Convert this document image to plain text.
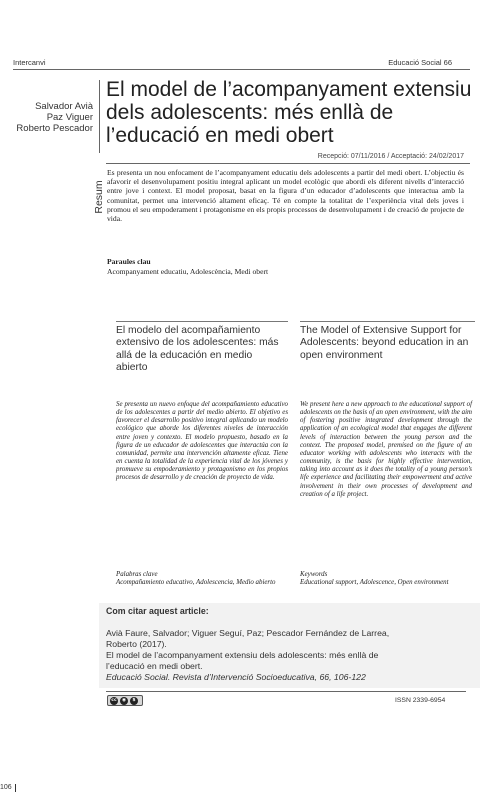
Intercanvi	Educació Social 66
Salvador Avià
Paz Viguer
Roberto Pescador
El model de l’acompanyament extensiu dels adolescents: més enllà de l’educació en medi obert
Recepció: 07/11/2016 / Acceptació: 24/02/2017
Resum
Es presenta un nou enfocament de l’acompanyament educatiu dels adolescents a partir del medi obert. L’objectiu és afavorir el desenvolupament positiu integral aplicant un model ecològic que abordi els diferent nivells d’interacció entre jove i context. El model proposat, basat en la figura d’un educador d’adolescents que interactua amb la comunitat, permet una intervenció altament eficaç. Té en compte la totalitat de l’experiència vital dels joves i promou el seu empoderament i protagonisme en els propis processos de desenvolupament i de creació de projecte de vida.
Paraules clau
Acompanyament educatiu, Adolescència, Medi obert
El modelo del acompañamiento extensivo de los adolescentes: más allá de la educación en medio abierto
Se presenta un nuevo enfoque del acompañamiento educativo de los adolescentes a partir del medio abierto. El objetivo es favorecer el desarrollo positivo integral aplicando un modelo ecológico que aborde los diferentes niveles de interacción entre joven y contexto. El modelo propuesto, basado en la figura de un educador de adolescentes que interactúa con la comunidad, permite una intervención altamente eficaz. Tiene en cuenta la totalidad de la experiencia vital de los jóvenes y promueve su empoderamiento y protagonismo en los propios procesos de desarrollo y de creación de proyecto de vida.
Palabras clave
Acompañamiento educativo, Adolescencia, Medio abierto
The Model of Extensive Support for Adolescents: beyond education in an open environment
We present here a new approach to the educational support of adolescents on the basis of an open environment, with the aim of fostering positive integrated development through the application of an ecological model that engages the different levels of interaction between the young person and the context. The proposed model, premised on the figure of an educator working with adolescents who interacts with the community, is the basis for highly effective intervention, taking into account as it does the totality of a young person’s life experience and facilitating their empowerment and active involvement in their own processes of development and creation of a life project.
Keywords
Educational support, Adolescence, Open environment
Com citar aquest article:
Avià Faure, Salvador; Viguer Seguí, Paz; Pescador Fernández de Larrea,
Roberto (2017).
El model de l’acompanyament extensiu dels adolescents: més enllà de
l’educació en medi obert.
Educació Social. Revista d’Intervenció Socioeducativa, 66, 106-122
cc	◉	$	ISSN 2339-6954
106
